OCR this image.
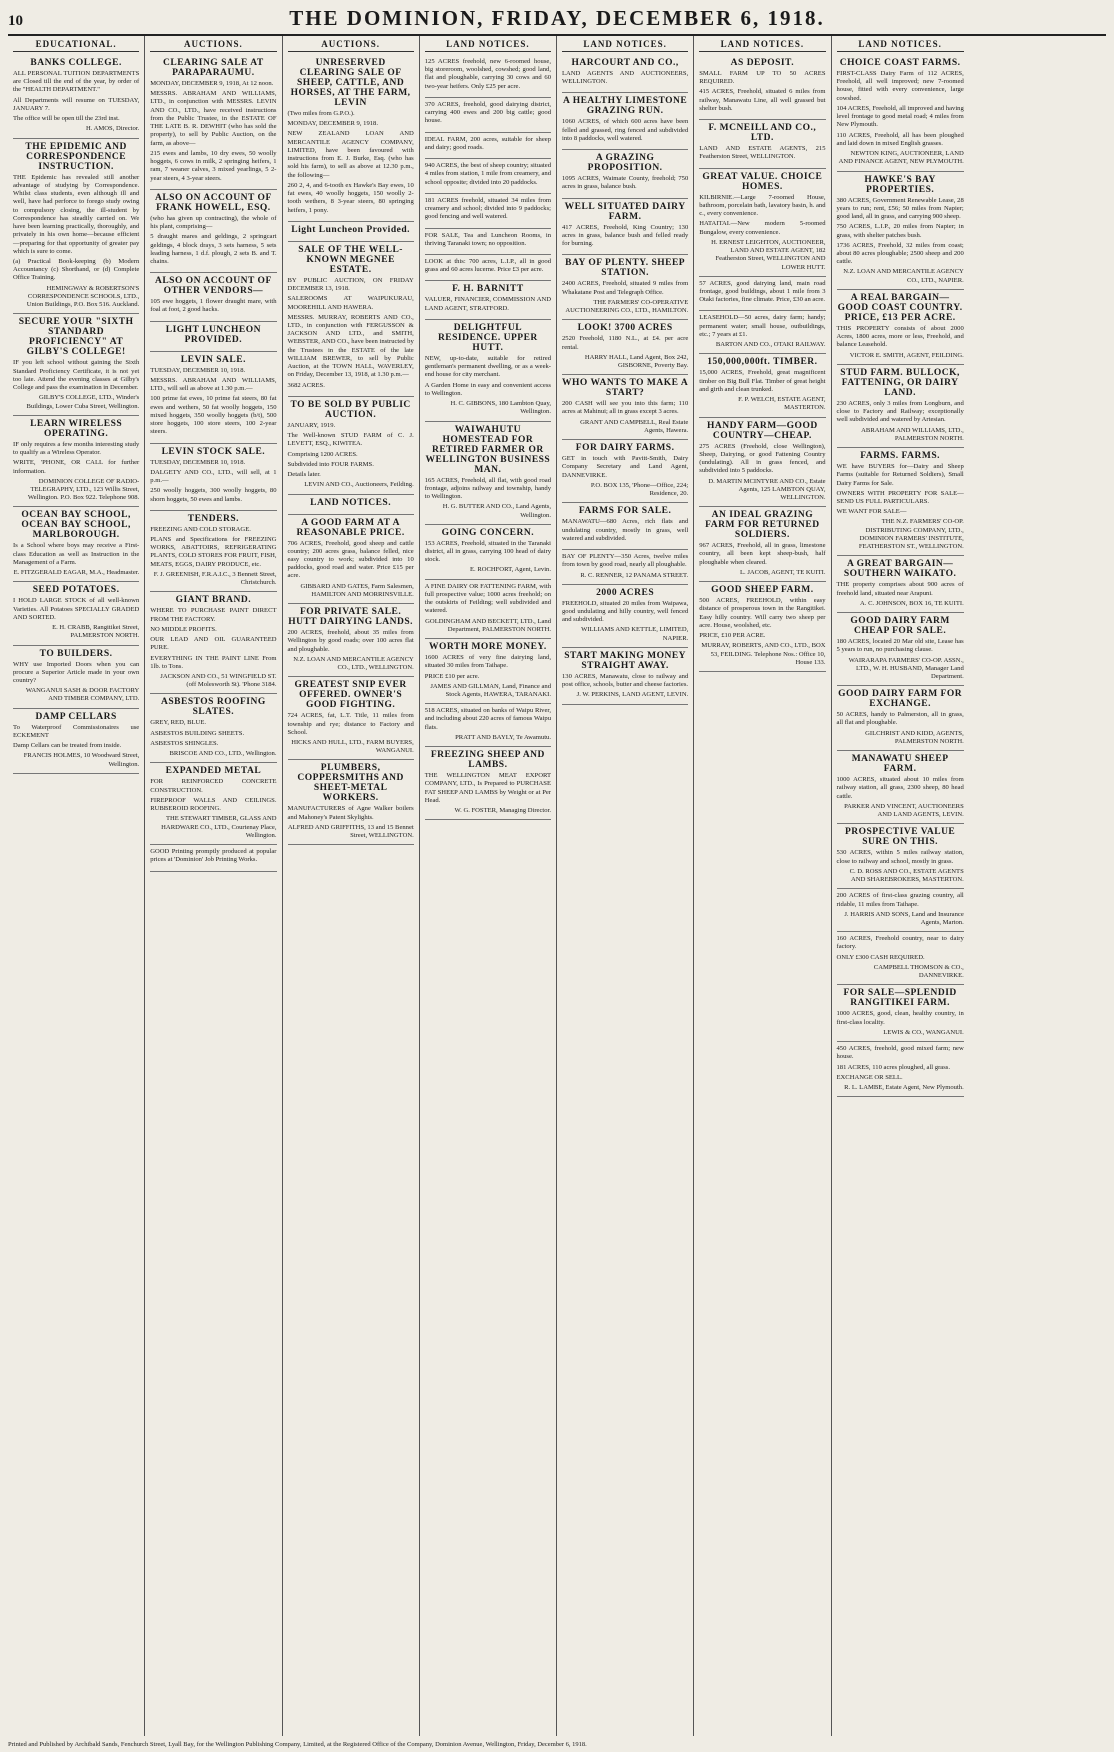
10	THE DOMINION, FRIDAY, DECEMBER 6, 1918.
EDUCATIONAL.
BANKS COLLEGE.

ALL PERSONAL TUITION DEPARTMENTS are Closed till the end of the year, by order of the "HEALTH DEPARTMENT."

All Departments will resume on TUESDAY, JANUARY 7.

The office will be open till the 23rd inst.

H. AMOS, Director.

THE EPIDEMIC AND CORRESPONDENCE INSTRUCTION.

THE Epidemic has revealed still another advantage of studying by Correspondence. Whilst class students, even although ill and well, have had perforce to forego study owing to compulsory closing, the ill-student by Correspondence has steadily carried on. We have been learning practically, thoroughly, and privately in his own home—because efficient—preparing for that opportunity of greater pay which is sure to come.

(a) Practical Book-keeping (b) Modern Accountancy (c) Shorthand, or (d) Complete Office Training.

HEMINGWAY & ROBERTSON'S CORRESPONDENCE SCHOOLS, LTD., Union Buildings, P.O. Box 516. Auckland.

SECURE YOUR "SIXTH STANDARD PROFICIENCY" AT GILBY'S COLLEGE!

IF you left school without gaining the Sixth Standard Proficiency Certificate, it is not yet too late. Attend the evening classes at Gilby's College and pass the examination in December.

GILBY'S COLLEGE, LTD., Winder's Buildings, Lower Cuba Street, Wellington.

LEARN WIRELESS OPERATING.

IF only requires a few months interesting study to qualify as a Wireless Operator.

WRITE, 'PHONE, OR CALL for further information.

DOMINION COLLEGE OF RADIO-TELEGRAPHY, LTD., 123 Willis Street, Wellington. P.O. Box 922. Telephone 908.

OCEAN BAY SCHOOL, OCEAN BAY SCHOOL, MARLBOROUGH.

Is a School where boys may receive a First-class Education as well as Instruction in the Management of a Farm.

E. FITZGERALD EAGAR, M.A., Headmaster.

SEED POTATOES.

I HOLD LARGE STOCK of all well-known Varieties. All Potatoes SPECIALLY GRADED AND SORTED.

E. H. CRABB, Rangitikei Street, PALMERSTON NORTH.

TO BUILDERS.

WHY use Imported Doors when you can procure a Superior Article made in your own country?

WANGANUI SASH & DOOR FACTORY AND TIMBER COMPANY, LTD.

DAMP CELLARS

To Waterproof Commissionaires use ECKEMENT

Damp Cellars can be treated from inside.

FRANCIS HOLMES, 10 Woodward Street, Wellington.

AUCTIONS.
CLEARING SALE AT PARAPARAUMU.

MONDAY, DECEMBER 9, 1918, At 12 noon.

MESSRS. ABRAHAM AND WILLIAMS, LTD., in conjunction with MESSRS. LEVIN AND CO., LTD., have received instructions from the Public Trustee, in the ESTATE OF THE LATE B. R. DEWHIT (who has sold the property), to sell by Public Auction, on the farm, as above—

215 ewes and lambs, 10 dry ewes, 50 woolly hoggets, 6 cows in milk, 2 springing heifers, 1 ram, 7 weaner calves, 3 mixed yearlings, 5 2-year steers, 4 3-year steers.

ALSO ON ACCOUNT OF FRANK HOWELL, ESQ.

(who has given up contracting), the whole of his plant, comprising—

5 draught mares and geldings, 2 springcart geldings, 4 block drays, 3 sets harness, 5 sets leading harness, 1 d.f. plough, 2 sets B. and T. chains.

ALSO ON ACCOUNT OF OTHER VENDORS—

105 ewe hoggets, 1 flower draught mare, with foal at foot, 2 good hacks.

LIGHT LUNCHEON PROVIDED.
LEVIN SALE.

TUESDAY, DECEMBER 10, 1918.

MESSRS. ABRAHAM AND WILLIAMS, LTD., will sell as above at 1.30 p.m.—

100 prime fat ewes, 10 prime fat steers, 80 fat ewes and wethers, 50 fat woolly hoggets, 150 mixed hoggets, 350 woolly hoggets (b/t), 500 store hoggets, 100 store steers, 100 2-year steers.

LEVIN STOCK SALE.

TUESDAY, DECEMBER 10, 1918.

DALGETY AND CO., LTD., will sell, at 1 p.m.—

250 woolly hoggets, 300 woolly hoggets, 80 shorn hoggets, 50 ewes and lambs.

TENDERS.

FREEZING AND COLD STORAGE.

PLANS and Specifications for FREEZING WORKS, ABATTOIRS, REFRIGERATING PLANTS, COLD STORES FOR FRUIT, FISH, MEATS, EGGS, DAIRY PRODUCE, etc.

F. J. GREENISH, F.R.A.I.C., 3 Bennett Street, Christchurch.

GIANT BRAND.

WHERE TO PURCHASE PAINT DIRECT FROM THE FACTORY.

NO MIDDLE PROFITS.

OUR LEAD AND OIL GUARANTEED PURE.

EVERYTHING IN THE PAINT LINE From 1lb. to Tons.

JACKSON AND CO., 51 WINGFIELD ST. (off Molesworth St). 'Phone 3184.

ASBESTOS ROOFING SLATES.

GREY, RED, BLUE.

ASBESTOS BUILDING SHEETS.

ASBESTOS SHINGLES.

BRISCOE AND CO., LTD., Wellington.

EXPANDED METAL

FOR REINFORCED CONCRETE CONSTRUCTION.

FIREPROOF WALLS AND CEILINGS. RUBBEROID ROOFING.

THE STEWART TIMBER, GLASS AND HARDWARE CO., LTD., Courtenay Place, Wellington.

GOOD Printing promptly produced at popular prices at 'Dominion' Job Printing Works.

AUCTIONS.
UNRESERVED CLEARING SALE OF SHEEP, CATTLE, AND HORSES, AT THE FARM, LEVIN

(Two miles from G.P.O.).

MONDAY, DECEMBER 9, 1918.

NEW ZEALAND LOAN AND MERCANTILE AGENCY COMPANY, LIMITED, have been favoured with instructions from E. J. Burke, Esq. (who has sold his farm), to sell as above at 12.30 p.m., the following—

260 2, 4, and 6-tooth ex Hawke's Bay ewes, 10 fat ewes, 40 woolly hoggets, 150 woolly 2-tooth wethers, 8 3-year steers, 80 springing heifers, 1 pony.

Light Luncheon Provided.
SALE OF THE WELL-KNOWN MEGNEE ESTATE.

BY PUBLIC AUCTION, ON FRIDAY DECEMBER 13, 1918.

SALEROOMS AT WAIPUKURAU, MOOREHILL AND HAWERA.

MESSRS. MURRAY, ROBERTS AND CO., LTD., in conjunction with FERGUSSON & JACKSON AND LTD., and SMITH, WEBSTER, AND CO., have been instructed by the Trustees in the ESTATE of the late WILLIAM BREWER, to sell by Public Auction, at the TOWN HALL, WAVERLEY, on Friday, December 13, 1918, at 1.30 p.m.—

3682 ACRES.

TO BE SOLD BY PUBLIC AUCTION.

JANUARY, 1919.

The Well-known STUD FARM of C. J. LEVETT, ESQ., KIWITEA.

Comprising 1200 ACRES.

Subdivided into FOUR FARMS.

Details later.

LEVIN AND CO., Auctioneers, Feilding.

LAND NOTICES.
A GOOD FARM AT A REASONABLE PRICE.

706 ACRES, Freehold, good sheep and cattle country; 200 acres grass, balance felled, nice easy country to work; subdivided into 10 paddocks, good road and water. Price £15 per acre.

GIBBARD AND GATES, Farm Salesmen, HAMILTON AND MORRINSVILLE.

FOR PRIVATE SALE. HUTT DAIRYING LANDS.

200 ACRES, freehold, about 35 miles from Wellington by good roads; over 100 acres flat and ploughable.

N.Z. LOAN AND MERCANTILE AGENCY CO., LTD., WELLINGTON.

GREATEST SNIP EVER OFFERED. OWNER'S GOOD FIGHTING.

724 ACRES, fat, L.T. Title, 11 miles from township and rye; distance to Factory and School.

HICKS AND HULL, LTD., FARM BUYERS, WANGANUI.

PLUMBERS, COPPERSMITHS AND SHEET-METAL WORKERS.

MANUFACTURERS of Agne Walker boilers and Mahoney's Patent Skylights.

ALFRED AND GRIFFITHS, 13 and 15 Bennet Street, WELLINGTON.

LAND NOTICES.

125 ACRES freehold, new 6-roomed house, big storeroom, woolshed, cowshed; good land, flat and ploughable, carrying 30 cows and 60 two-year heifers. Only £25 per acre.

370 ACRES, freehold, good dairying district, carrying 400 ewes and 200 big cattle; good house.

IDEAL FARM, 200 acres, suitable for sheep and dairy; good roads.

940 ACRES, the best of sheep country; situated 4 miles from station, 1 mile from creamery, and school opposite; divided into 20 paddocks.

181 ACRES freehold, situated 34 miles from creamery and school; divided into 9 paddocks; good fencing and well watered.

FOR SALE, Tea and Luncheon Rooms, in thriving Taranaki town; no opposition.

LOOK at this: 700 acres, L.I.P., all in good grass and 60 acres lucerne. Price £3 per acre.

F. H. BARNITT

VALUER, FINANCIER, COMMISSION AND LAND AGENT, STRATFORD.

DELIGHTFUL RESIDENCE. UPPER HUTT.

NEW, up-to-date, suitable for retired gentleman's permanent dwelling, or as a week-end house for city merchant.

A Garden Home in easy and convenient access to Wellington.

H. C. GIBBONS, 180 Lambton Quay, Wellington.

WAIWAHUTU HOMESTEAD FOR RETIRED FARMER OR WELLINGTON BUSINESS MAN.

165 ACRES, Freehold, all flat, with good road frontage, adjoins railway and township, handy to Wellington.

H. G. BUTTER AND CO., Land Agents, Wellington.

GOING CONCERN.

153 ACRES, Freehold, situated in the Taranaki district, all in grass, carrying 100 head of dairy stock.

E. ROCHFORT, Agent, Levin.

A FINE DAIRY OR FATTENING FARM, with full prospective value; 1000 acres freehold; on the outskirts of Feilding; well subdivided and watered.

GOLDINGHAM AND BECKETT, LTD., Land Department, PALMERSTON NORTH.

WORTH MORE MONEY.

1600 ACRES of very fine dairying land, situated 30 miles from Taihape.

PRICE £10 per acre.

JAMES AND GILLMAN, Land, Finance and Stock Agents, HAWERA, TARANAKI.

518 ACRES, situated on banks of Waipu River, and including about 220 acres of famous Waipu flats.

PRATT AND BAYLY, Te Awamutu.

FREEZING SHEEP AND LAMBS.

THE WELLINGTON MEAT EXPORT COMPANY, LTD., Is Prepared to PURCHASE FAT SHEEP AND LAMBS by Weight or at Per Head.

W. G. FOSTER, Managing Director.

LAND NOTICES.
HARCOURT AND CO.,

LAND AGENTS AND AUCTIONEERS, WELLINGTON.

A HEALTHY LIMESTONE GRAZING RUN.

1060 ACRES, of which 600 acres have been felled and grassed, ring fenced and subdivided into 8 paddocks, well watered.

A GRAZING PROPOSITION.

1095 ACRES, Waimate County, freehold; 750 acres in grass, balance bush.

WELL SITUATED DAIRY FARM.

417 ACRES, Freehold, King Country; 130 acres in grass, balance bush and felled ready for burning.

BAY OF PLENTY. SHEEP STATION.

2400 ACRES, Freehold, situated 9 miles from Whakatane Post and Telegraph Office.

THE FARMERS' CO-OPERATIVE AUCTIONEERING CO., LTD., HAMILTON.

LOOK! 3700 ACRES

2520 Freehold, 1180 N.L., at £4. per acre rental.

HARRY HALL, Land Agent, Box 242, GISBORNE, Poverty Bay.

WHO WANTS TO MAKE A START?

200 CASH will see you into this farm; 110 acres at Mahinui; all in grass except 3 acres.

GRANT AND CAMPBELL, Real Estate Agents, Hawera.

FOR DAIRY FARMS.

GET in touch with Pavitt-Smith, Dairy Company Secretary and Land Agent, DANNEVIRKE.

P.O. BOX 135, 'Phone—Office, 224; Residence, 20.

FARMS FOR SALE.

MANAWATU—680 Acres, rich flats and undulating country, mostly in grass, well watered and subdivided.

BAY OF PLENTY—350 Acres, twelve miles from town by good road, nearly all ploughable.

R. C. RENNER, 12 PANAMA STREET.

2000 ACRES

FREEHOLD, situated 20 miles from Waipawa, good undulating and hilly country, well fenced and subdivided.

WILLIAMS AND KETTLE, LIMITED, NAPIER.

START MAKING MONEY STRAIGHT AWAY.

130 ACRES, Manawatu, close to railway and post office, schools, butter and cheese factories.

J. W. PERKINS, LAND AGENT, LEVIN.

LAND NOTICES.
AS DEPOSIT.

SMALL FARM UP TO 50 ACRES REQUIRED.

415 ACRES, Freehold, situated 6 miles from railway, Manawatu Line, all well grassed but shelter bush.

F. MCNEILL AND CO., LTD.

LAND AND ESTATE AGENTS, 215 Featherston Street, WELLINGTON.

GREAT VALUE. CHOICE HOMES.

KILBIRNIE.—Large 7-roomed House, bathroom, porcelain bath, lavatory basin, h. and c., every convenience.

HATAITAI.—New modern 5-roomed Bungalow, every convenience.

H. ERNEST LEIGHTON, AUCTIONEER, LAND AND ESTATE AGENT, 182 Featherston Street, WELLINGTON AND LOWER HUTT.

57 ACRES, good dairying land, main road frontage, good buildings, about 1 mile from 3 Otaki factories, fine climate. Price, £30 an acre.

LEASEHOLD—50 acres, dairy farm; handy; permanent water; small house, outbuildings, etc.; 7 years at £1.

BARTON AND CO., OTAKI RAILWAY.

150,000,000ft. TIMBER.

15,000 ACRES, Freehold, great magnificent timber on Big Bull Flat. Timber of great height and girth and clean trunked.

F. P. WELCH, ESTATE AGENT, MASTERTON.

HANDY FARM—GOOD COUNTRY—CHEAP.

275 ACRES (Freehold, close Wellington), Sheep, Dairying, or good Fattening Country (undulating). All in grass fenced, and subdivided into 5 paddocks.

D. MARTIN MCINTYRE AND CO., Estate Agents, 125 LAMBTON QUAY, WELLINGTON.

AN IDEAL GRAZING FARM FOR RETURNED SOLDIERS.

967 ACRES, Freehold, all in grass, limestone country, all been kept sheep-bush, half ploughable when cleared.

L. JACOB, AGENT, TE KUITI.

GOOD SHEEP FARM.

500 ACRES, FREEHOLD, within easy distance of prosperous town in the Rangitikei. Easy hilly country. Will carry two sheep per acre. House, woolshed, etc.

PRICE, £10 PER ACRE.

MURRAY, ROBERTS, AND CO., LTD., BOX 53, FEILDING. Telephone Nos.: Office 10, House 133.

LAND NOTICES.
CHOICE COAST FARMS.

FIRST-CLASS Dairy Farm of 112 ACRES, Freehold, all well improved; new 7-roomed house, fitted with every convenience, large cowshed.

104 ACRES, Freehold, all improved and having level frontage to good metal road; 4 miles from New Plymouth.

110 ACRES, Freehold, all has been ploughed and laid down in mixed English grasses.

NEWTON KING, AUCTIONEER, LAND AND FINANCE AGENT, NEW PLYMOUTH.

HAWKE'S BAY PROPERTIES.

380 ACRES, Government Renewable Lease, 28 years to run; rent, £56; 50 miles from Napier; good land, all in grass, and carrying 900 sheep.

750 ACRES, L.I.P., 20 miles from Napier; in grass, with shelter patches bush.

1736 ACRES, Freehold, 32 miles from coast; about 80 acres ploughable; 2500 sheep and 200 cattle.

N.Z. LOAN AND MERCANTILE AGENCY CO., LTD., NAPIER.

A REAL BARGAIN—GOOD COAST COUNTRY. PRICE, £13 PER ACRE.

THIS PROPERTY consists of about 2000 Acres, 1800 acres, more or less, Freehold, and balance Leasehold.

VICTOR E. SMITH, AGENT, FEILDING.

STUD FARM. BULLOCK, FATTENING, OR DAIRY LAND.

230 ACRES, only 3 miles from Longburn, and close to Factory and Railway; exceptionally well subdivided and watered by Artesian.

ABRAHAM AND WILLIAMS, LTD., PALMERSTON NORTH.

FARMS. FARMS.

WE have BUYERS for—Dairy and Sheep Farms (suitable for Returned Soldiers), Small Dairy Farms for Sale.

OWNERS WITH PROPERTY FOR SALE—SEND US FULL PARTICULARS.

WE WANT FOR SALE—

THE N.Z. FARMERS' CO-OP. DISTRIBUTING COMPANY, LTD., DOMINION FARMERS' INSTITUTE, FEATHERSTON ST., WELLINGTON.

A GREAT BARGAIN—SOUTHERN WAIKATO.

THE property comprises about 900 acres of freehold land, situated near Arapuni.

A. C. JOHNSON, BOX 16, TE KUITI.

GOOD DAIRY FARM CHEAP FOR SALE.

180 ACRES, located 20 Mar old site, Lease has 5 years to run, no purchasing clause.

WAIRARAPA FARMERS' CO-OP. ASSN., LTD., W. H. HUSBAND, Manager Land Department.

GOOD DAIRY FARM FOR EXCHANGE.

50 ACRES, handy to Palmerston, all in grass, all flat and ploughable.

GILCHRIST AND KIDD, AGENTS, PALMERSTON NORTH.

MANAWATU SHEEP FARM.

1000 ACRES, situated about 10 miles from railway station, all grass, 2300 sheep, 80 head cattle.

PARKER AND VINCENT, AUCTIONEERS AND LAND AGENTS, LEVIN.

PROSPECTIVE VALUE SURE ON THIS.

530 ACRES, within 5 miles railway station, close to railway and school, mostly in grass.

C. D. ROSS AND CO., ESTATE AGENTS AND SHAREBROKERS, MASTERTON.

200 ACRES of first-class grazing country, all ridable, 11 miles from Taihape.

J. HARRIS AND SONS, Land and Insurance Agents, Marton.

160 ACRES, Freehold country, near to dairy factory.

ONLY £300 CASH REQUIRED.

CAMPBELL THOMSON & CO., DANNEVIRKE.

FOR SALE—SPLENDID RANGITIKEI FARM.

1000 ACRES, good, clean, healthy country, in first-class locality.

LEWIS & CO., WANGANUI.

450 ACRES, freehold, good mixed farm; new house.

181 ACRES, 110 acres ploughed, all grass.

EXCHANGE OR SELL.

R. L. LAMBE, Estate Agent, New Plymouth.

Printed and Published by Archibald Sands, Fenchurch Street, Lyall Bay, for the Wellington Publishing Company, Limited, at the Registered Office of the Company, Dominion Avenue, Wellington, Friday, December 6, 1918.
